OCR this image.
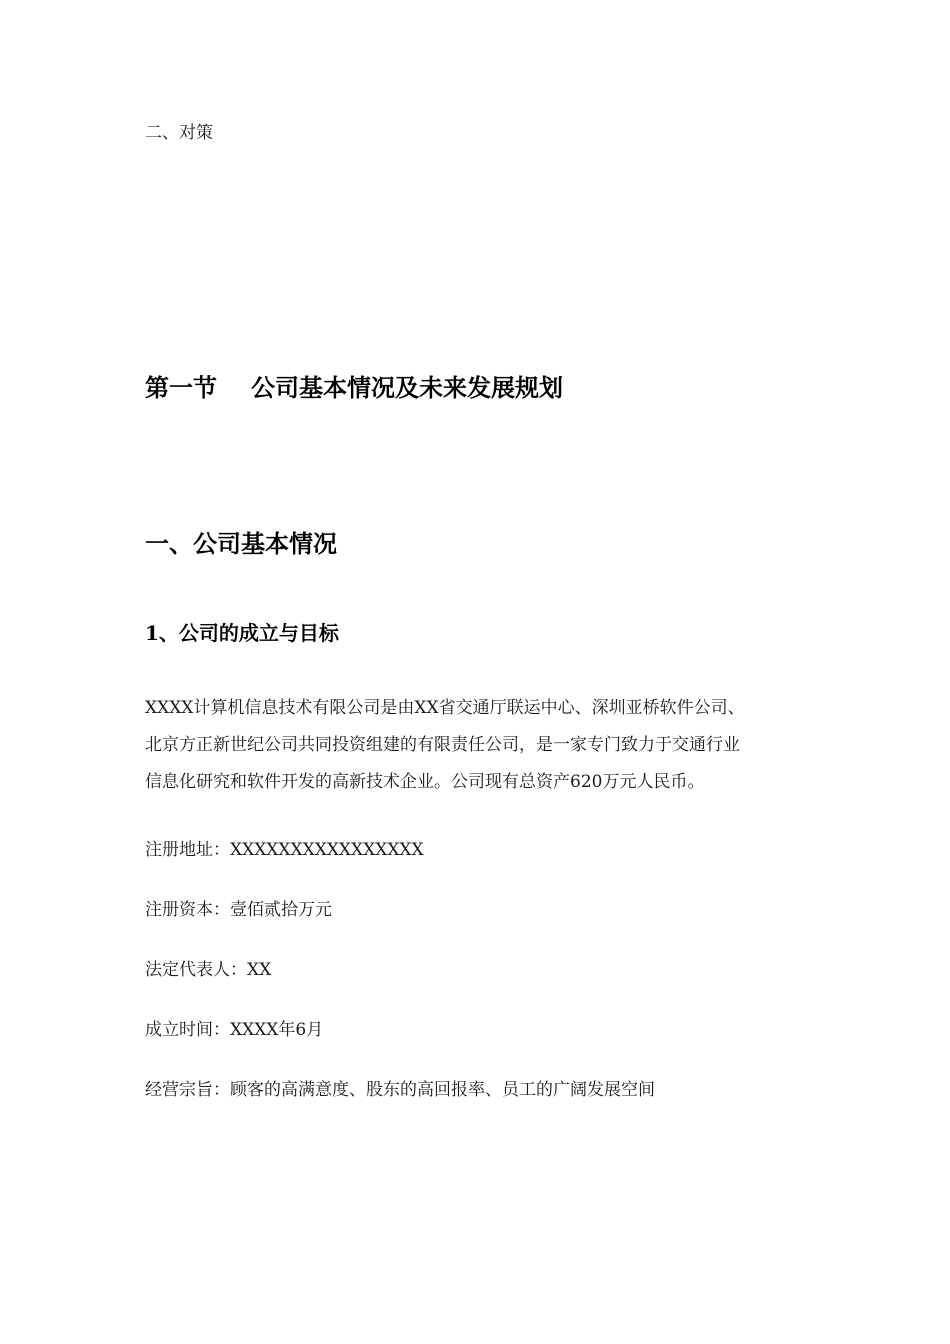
二、对策

第一节 公司基本情况及未来发展规划
一、公司基本情况
1、公司的成立与目标

XXXX计算机信息技术有限公司是由XX省交通厅联运中心、深圳亚桥软件公司、
北京方正新世纪公司共同投资组建的有限责任公司，是一家专门致力于交通行业
信息化研究和软件开发的高新技术企业。公司现有总资产620万元人民币。

注册地址：XXXXXXXXXXXXXXXX

注册资本：壹佰贰拾万元

法定代表人：XX

成立时间：XXXX年6月

经营宗旨：顾客的高满意度、股东的高回报率、员工的广阔发展空间
